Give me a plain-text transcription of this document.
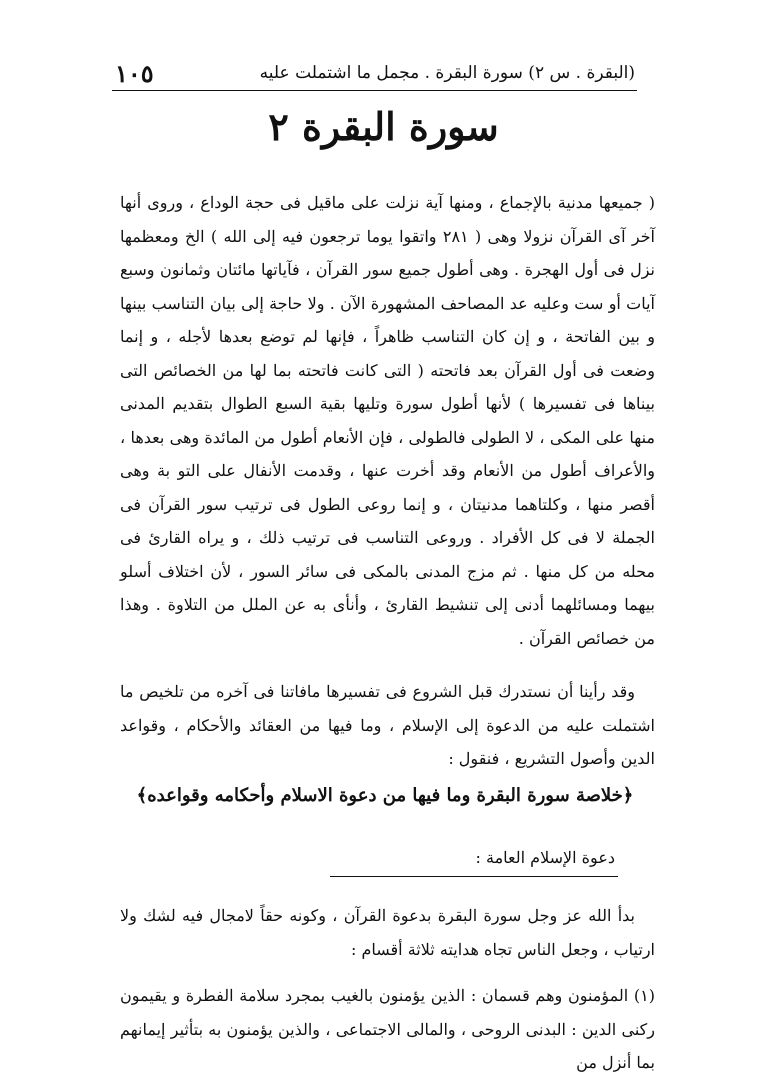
(البقرة . س ٢) سورة البقرة . مجمل ما اشتملت عليه
١٠٥
سورة البقرة ٢

( جميعها مدنية بالإجماع ، ومنها آية نزلت على ماقيل فى حجة الوداع ، وروى أنها آخر آى القرآن نزولا وهى ( ٢٨١ واتقوا يوما ترجعون فيه إلى الله ) الخ ومعظمها نزل فى أول الهجرة . وهى أطول جميع سور القرآن ، فآياتها مائتان وثمانون وسبع آيات أو ست وعليه عد المصاحف المشهورة الآن . ولا حاجة إلى بيان التناسب بينها و بين الفاتحة ، و إن كان التناسب ظاهراً ، فإنها لم توضع بعدها لأجله ، و إنما وضعت فى أول القرآن بعد فاتحته ( التى كانت فاتحته بما لها من الخصائص التى بيناها فى تفسيرها ) لأنها أطول سورة وتليها بقية السبع الطوال بتقديم المدنى منها على المكى ، لا الطولى فالطولى ، فإن الأنعام أطول من المائدة وهى بعدها ، والأعراف أطول من الأنعام وقد أخرت عنها ، وقدمت الأنفال على التو بة وهى أقصر منها ، وكلتاهما مدنيتان ، و إنما روعى الطول فى ترتيب سور القرآن فى الجملة لا فى كل الأفراد . وروعى التناسب فى ترتيب ذلك ، و يراه القارئ فى محله من كل منها . ثم مزج المدنى بالمكى فى سائر السور ، لأن اختلاف أسلو بيهما ومسائلهما أدنى إلى تنشيط القارئ ، وأنأى به عن الملل من التلاوة . وهذا من خصائص القرآن .

وقد رأينا أن نستدرك قبل الشروع فى تفسيرها مافاتنا فى آخره من تلخيص ما اشتملت عليه من الدعوة إلى الإسلام ، وما فيها من العقائد والأحكام ، وقواعد الدين وأصول التشريع ، فنقول :

﴿خلاصة سورة البقرة وما فيها من دعوة الاسلام وأحكامه وقواعده﴾
دعوة الإسلام العامة :

بدأ الله عز وجل سورة البقرة بدعوة القرآن ، وكونه حقاً لامجال فيه لشك ولا ارتياب ، وجعل الناس تجاه هدايته ثلاثة أقسام :

(١) المؤمنون وهم قسمان : الذين يؤمنون بالغيب بمجرد سلامة الفطرة و يقيمون ركنى الدين : البدنى الروحى ، والمالى الاجتماعى ، والذين يؤمنون به بتأثير إيمانهم بما أنزل من
